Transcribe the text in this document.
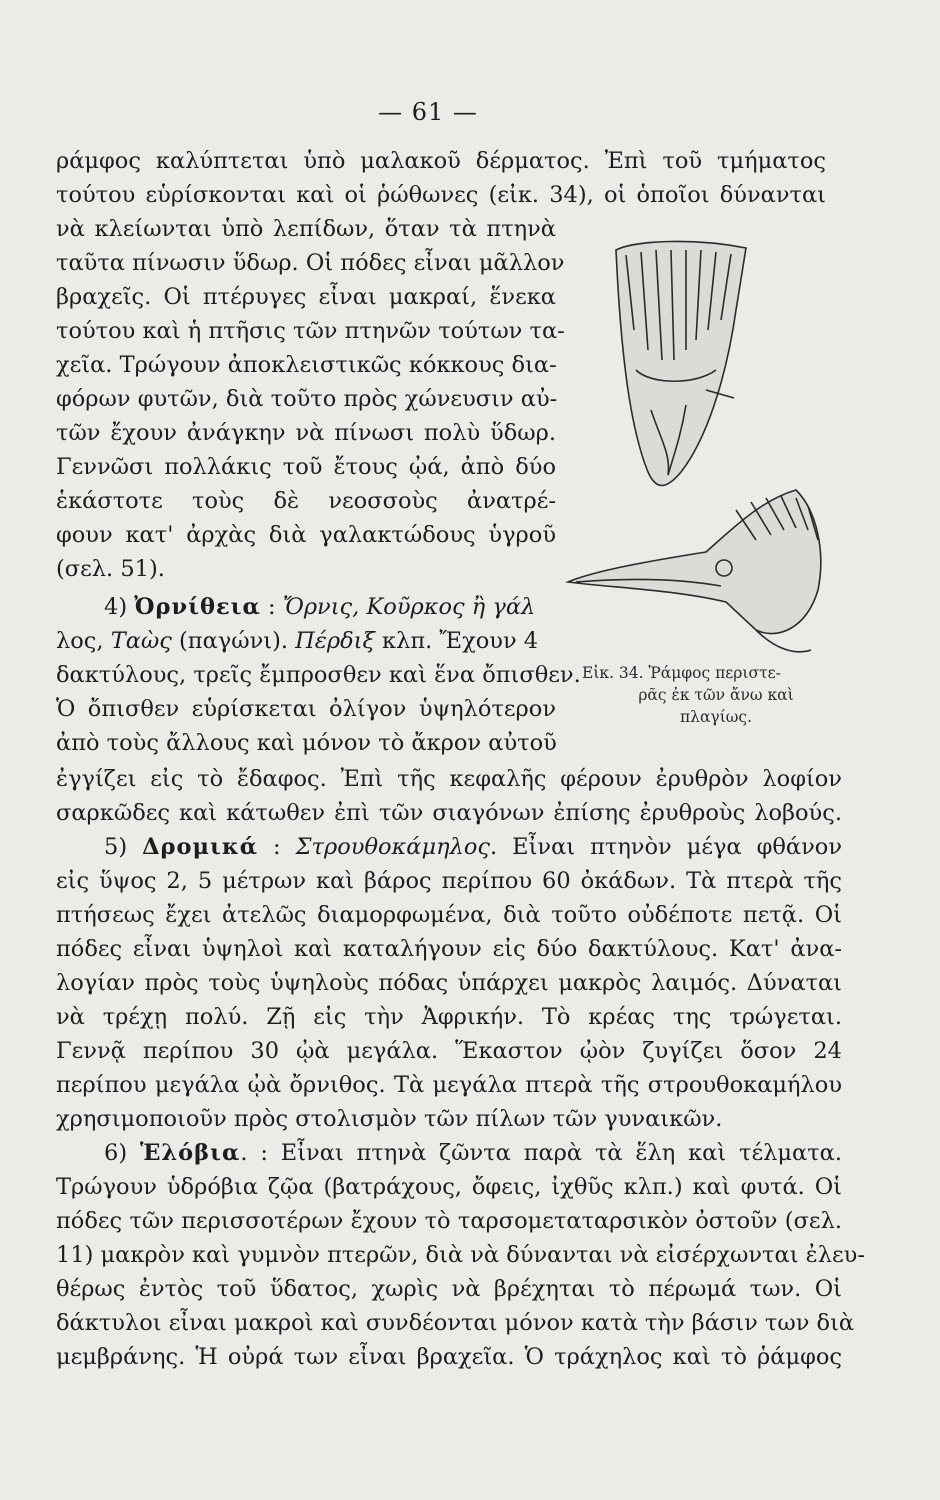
— 61 —
ράμφος καλύπτεται ὑπὸ μαλακοῦ δέρματος. Ἐπὶ τοῦ τμήματος
τούτου εὑρίσκονται καὶ οἱ ῥώθωνες (εἰκ. 34), οἱ ὁποῖοι δύνανται
νὰ κλείωνται ὑπὸ λεπίδων, ὅταν τὰ πτηνὰ
ταῦτα πίνωσιν ὕδωρ. Οἱ πόδες εἶναι μᾶλλον
βραχεῖς. Οἱ πτέρυγες εἶναι μακραί, ἕνεκα
τούτου καὶ ἡ πτῆσις τῶν πτηνῶν τούτων τα-
χεῖα. Τρώγουν ἀποκλειστικῶς κόκκους δια-
φόρων φυτῶν, διὰ τοῦτο πρὸς χώνευσιν αὐ-
τῶν ἔχουν ἀνάγκην νὰ πίνωσι πολὺ ὕδωρ.
Γεννῶσι πολλάκις τοῦ ἔτους ᾠά, ἀπὸ δύο
ἑκάστοτε τοὺς δὲ νεοσσοὺς ἀνατρέ-
φουν κατ' ἀρχὰς διὰ γαλακτώδους ὑγροῦ
(σελ. 51).
4) Ὀρνίθεια : Ὄρνις, Κοῦρκος ἢ γάλ
λος, Ταὼς (παγώνι). Πέρδιξ κλπ. Ἔχουν 4
δακτύλους, τρεῖς ἔμπροσθεν καὶ ἕνα ὄπισθεν.
Ὁ ὄπισθεν εὑρίσκεται ὀλίγον ὑψηλότερον
ἀπὸ τοὺς ἄλλους καὶ μόνον τὸ ἄκρον αὐτοῦ
ἐγγίζει εἰς τὸ ἔδαφος. Ἐπὶ τῆς κεφαλῆς φέρουν ἐρυθρὸν λοφίον
σαρκῶδες καὶ κάτωθεν ἐπὶ τῶν σιαγόνων ἐπίσης ἐρυθροὺς λοβούς.
5) Δρομικά : Στρουθοκάμηλος. Εἶναι πτηνὸν μέγα φθάνον
εἰς ὕψος 2, 5 μέτρων καὶ βάρος περίπου 60 ὀκάδων. Τὰ πτερὰ τῆς
πτήσεως ἔχει ἀτελῶς διαμορφωμένα, διὰ τοῦτο οὐδέποτε πετᾷ. Οἱ
πόδες εἶναι ὑψηλοὶ καὶ καταλήγουν εἰς δύο δακτύλους. Κατ' ἀνα-
λογίαν πρὸς τοὺς ὑψηλοὺς πόδας ὑπάρχει μακρὸς λαιμός. Δύναται
νὰ τρέχῃ πολύ. Ζῇ εἰς τὴν Ἀφρικήν. Τὸ κρέας της τρώγεται.
Γεννᾷ περίπου 30 ᾠὰ μεγάλα. Ἕκαστον ᾠὸν ζυγίζει ὅσον 24
περίπου μεγάλα ᾠὰ ὄρνιθος. Τὰ μεγάλα πτερὰ τῆς στρουθοκαμήλου
χρησιμοποιοῦν πρὸς στολισμὸν τῶν πίλων τῶν γυναικῶν.
6) Ἑλόβια. : Εἶναι πτηνὰ ζῶντα παρὰ τὰ ἕλη καὶ τέλματα.
Τρώγουν ὑδρόβια ζῷα (βατράχους, ὄφεις, ἰχθῦς κλπ.) καὶ φυτά. Οἱ
πόδες τῶν περισσοτέρων ἔχουν τὸ ταρσομεταταρσικὸν ὀστοῦν (σελ.
11) μακρὸν καὶ γυμνὸν πτερῶν, διὰ νὰ δύνανται νὰ εἰσέρχωνται ἐλευ-
θέρως ἐντὸς τοῦ ὕδατος, χωρὶς νὰ βρέχηται τὸ πέρωμά των. Οἱ
δάκτυλοι εἶναι μακροὶ καὶ συνδέονται μόνον κατὰ τὴν βάσιν των διὰ
μεμβράνης. Ἡ οὐρά των εἶναι βραχεῖα. Ὁ τράχηλος καὶ τὸ ῥάμφος
Εἰκ. 34. Ῥάμφος περιστε-
ρᾶς ἐκ τῶν ἄνω καὶ
πλαγίως.
